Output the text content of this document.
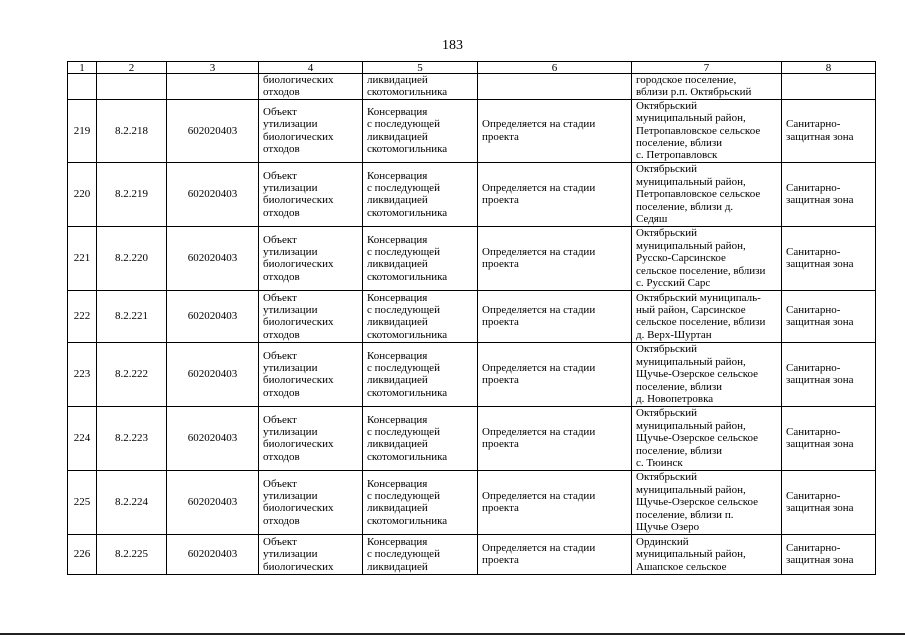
183
1	2	3	4	5	6	7	8
			биологических
отходов	ликвидацией
скотомогильника		городское поселение,
вблизи р.п. Октябрьский	
219	8.2.218	602020403	Объект
утилизации
биологических
отходов	Консервация
с последующей
ликвидацией
скотомогильника	Определяется на стадии
проекта	Октябрьский
муниципальный район,
Петропавловское сельское
поселение, вблизи
с. Петропавловск	Санитарно-
защитная зона
220	8.2.219	602020403	Объект
утилизации
биологических
отходов	Консервация
с последующей
ликвидацией
скотомогильника	Определяется на стадии
проекта	Октябрьский
муниципальный район,
Петропавловское сельское
поселение, вблизи д.
Седяш	Санитарно-
защитная зона
221	8.2.220	602020403	Объект
утилизации
биологических
отходов	Консервация
с последующей
ликвидацией
скотомогильника	Определяется на стадии
проекта	Октябрьский
муниципальный район,
Русско-Сарсинское
сельское поселение, вблизи
с. Русский Сарс	Санитарно-
защитная зона
222	8.2.221	602020403	Объект
утилизации
биологических
отходов	Консервация
с последующей
ликвидацией
скотомогильника	Определяется на стадии
проекта	Октябрьский муниципаль-
ный район, Сарсинское
сельское поселение, вблизи
д. Верх-Шуртан	Санитарно-
защитная зона
223	8.2.222	602020403	Объект
утилизации
биологических
отходов	Консервация
с последующей
ликвидацией
скотомогильника	Определяется на стадии
проекта	Октябрьский
муниципальный район,
Щучье-Озерское сельское
поселение, вблизи
д. Новопетровка	Санитарно-
защитная зона
224	8.2.223	602020403	Объект
утилизации
биологических
отходов	Консервация
с последующей
ликвидацией
скотомогильника	Определяется на стадии
проекта	Октябрьский
муниципальный район,
Щучье-Озерское сельское
поселение, вблизи
с. Тюинск	Санитарно-
защитная зона
225	8.2.224	602020403	Объект
утилизации
биологических
отходов	Консервация
с последующей
ликвидацией
скотомогильника	Определяется на стадии
проекта	Октябрьский
муниципальный район,
Щучье-Озерское сельское
поселение, вблизи п.
Щучье Озеро	Санитарно-
защитная зона
226	8.2.225	602020403	Объект
утилизации
биологических	Консервация
с последующей
ликвидацией	Определяется на стадии
проекта	Ординский
муниципальный район,
Ашапское сельское	Санитарно-
защитная зона
